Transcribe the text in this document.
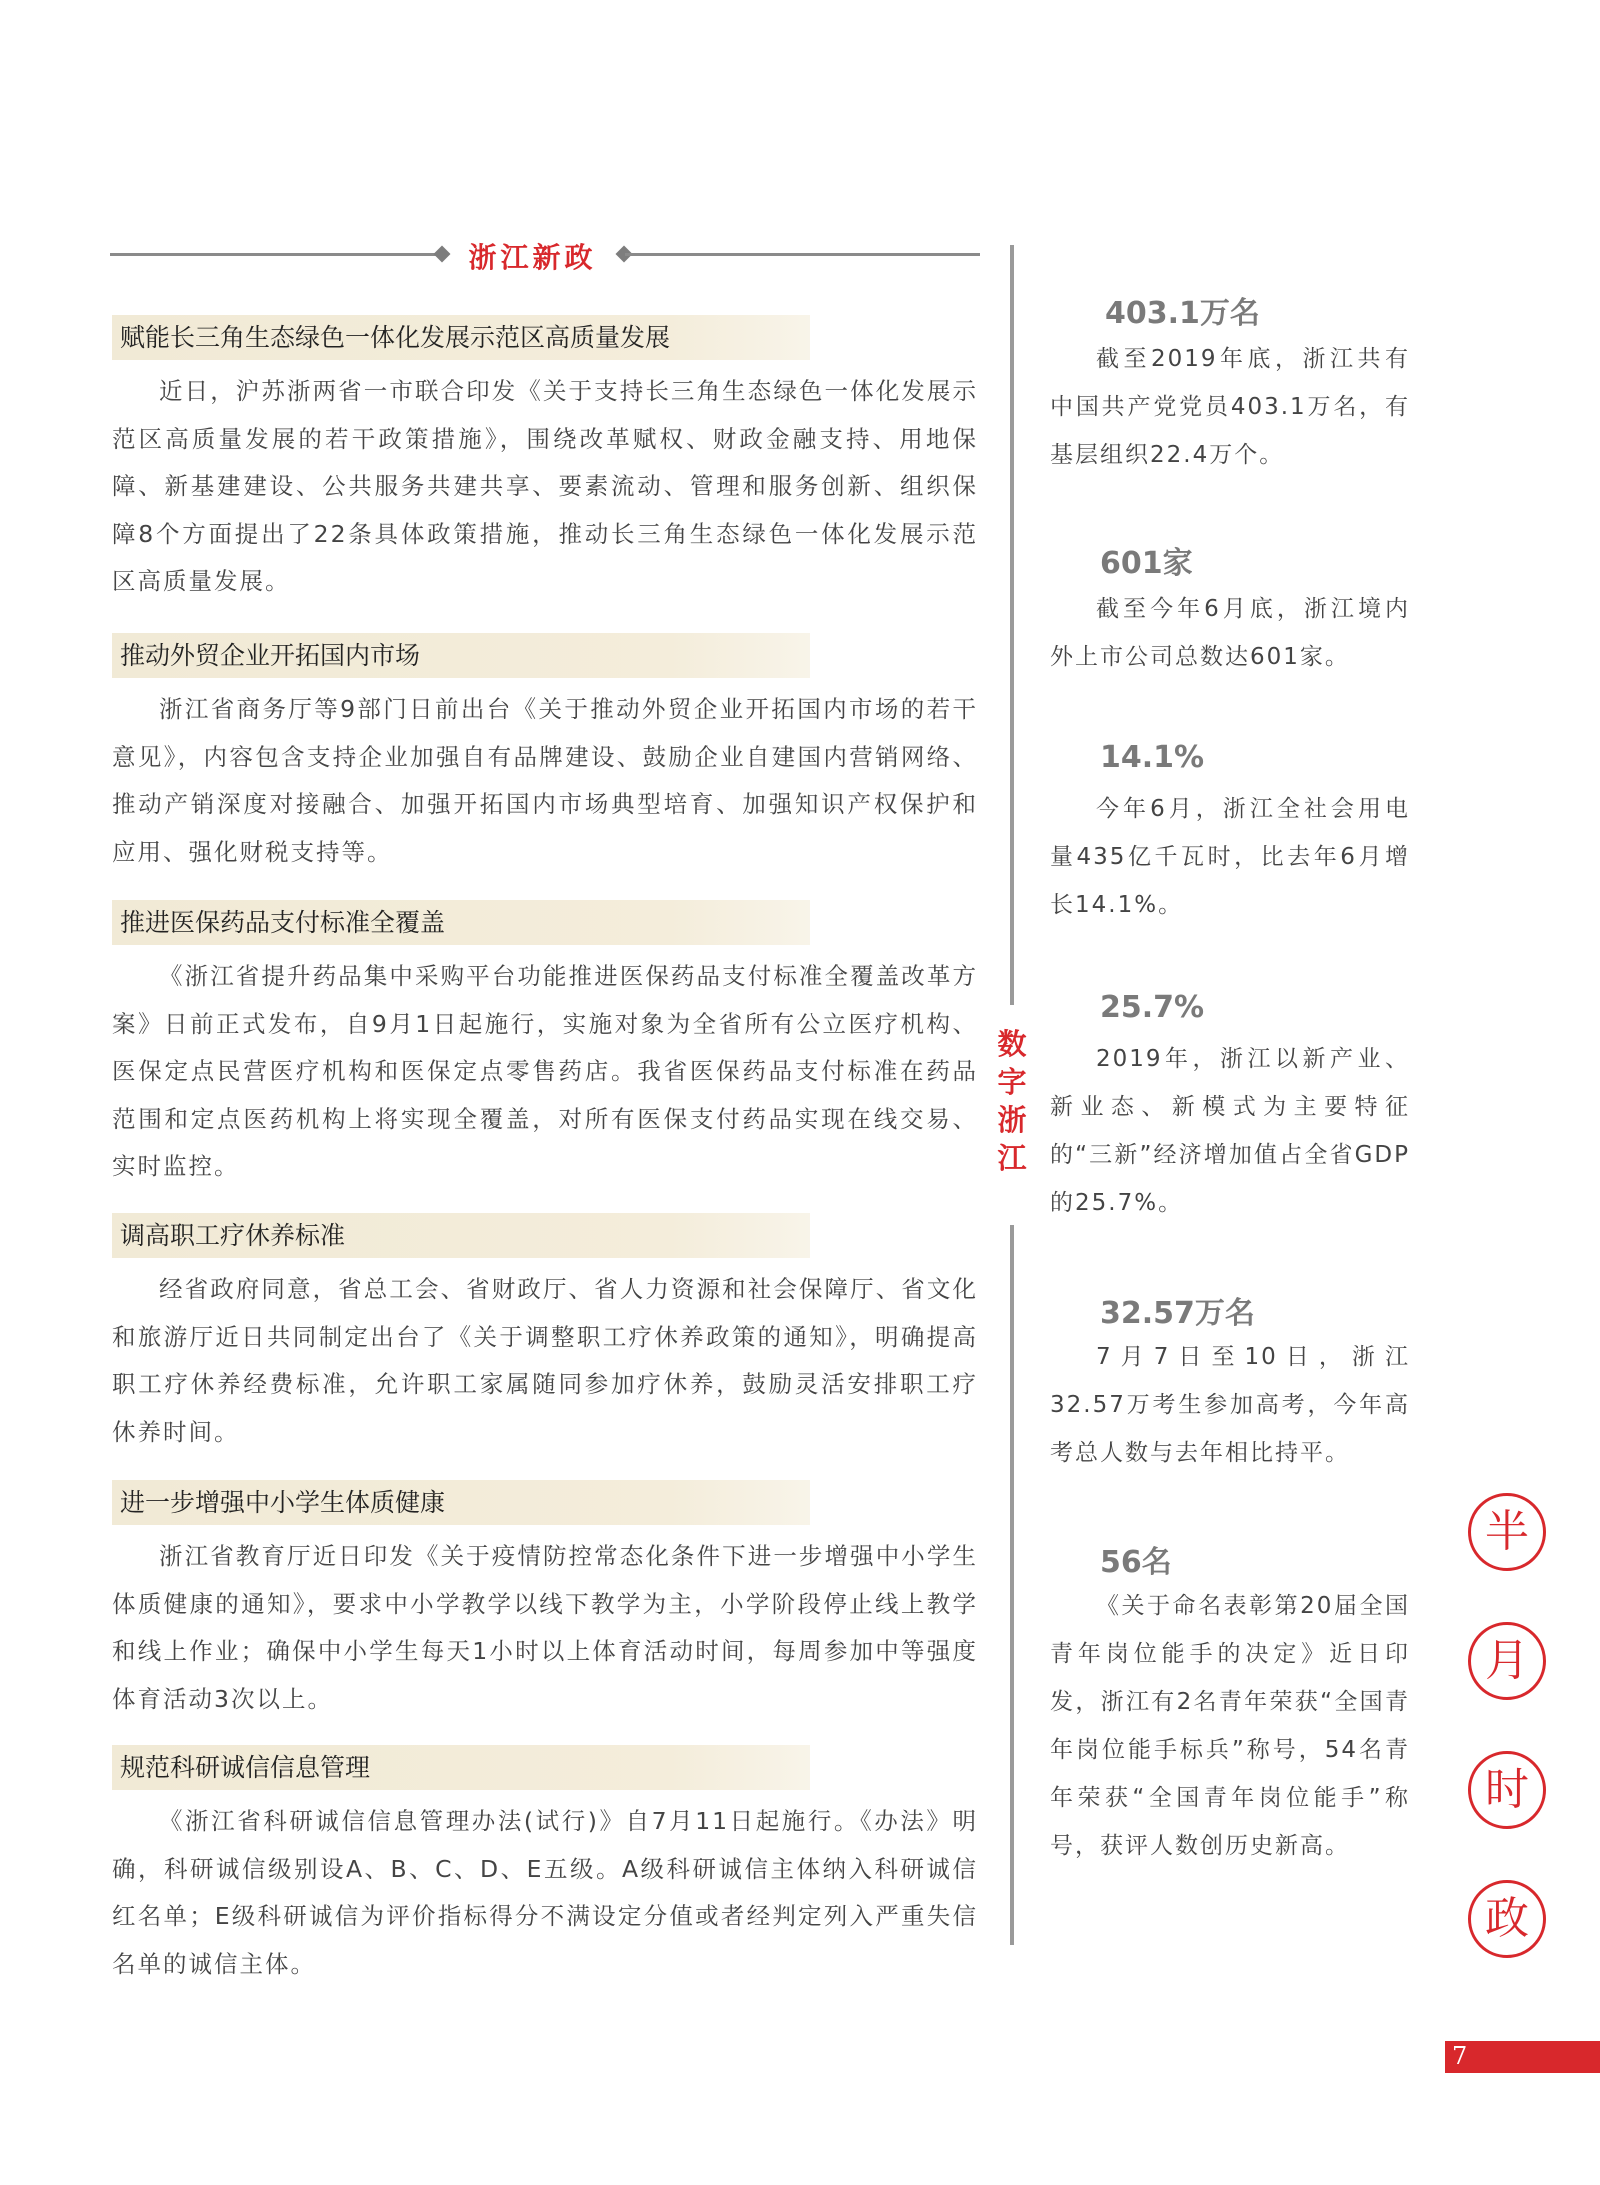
浙江新政
数
字
浙
江
赋能长三角生态绿色一体化发展示范区高质量发展
近日，沪苏浙两省一市联合印发《关于支持长三角生态绿色一体化发展示范区高质量发展的若干政策措施》，围绕改革赋权、财政金融支持、用地保障、新基建建设、公共服务共建共享、要素流动、管理和服务创新、组织保障8个方面提出了22条具体政策措施，推动长三角生态绿色一体化发展示范区高质量发展。
推动外贸企业开拓国内市场
浙江省商务厅等9部门日前出台《关于推动外贸企业开拓国内市场的若干意见》，内容包含支持企业加强自有品牌建设、鼓励企业自建国内营销网络、推动产销深度对接融合、加强开拓国内市场典型培育、加强知识产权保护和应用、强化财税支持等。
推进医保药品支付标准全覆盖
《浙江省提升药品集中采购平台功能推进医保药品支付标准全覆盖改革方案》日前正式发布，自9月1日起施行，实施对象为全省所有公立医疗机构、医保定点民营医疗机构和医保定点零售药店。我省医保药品支付标准在药品范围和定点医药机构上将实现全覆盖，对所有医保支付药品实现在线交易、实时监控。
调高职工疗休养标准
经省政府同意，省总工会、省财政厅、省人力资源和社会保障厅、省文化和旅游厅近日共同制定出台了《关于调整职工疗休养政策的通知》，明确提高职工疗休养经费标准，允许职工家属随同参加疗休养，鼓励灵活安排职工疗休养时间。
进一步增强中小学生体质健康
浙江省教育厅近日印发《关于疫情防控常态化条件下进一步增强中小学生体质健康的通知》，要求中小学教学以线下教学为主，小学阶段停止线上教学和线上作业；确保中小学生每天1小时以上体育活动时间，每周参加中等强度体育活动3次以上。
规范科研诚信信息管理
《浙江省科研诚信信息管理办法(试行)》自7月11日起施行。《办法》明确，科研诚信级别设A、B、C、D、E五级。A级科研诚信主体纳入科研诚信红名单；E级科研诚信为评价指标得分不满设定分值或者经判定列入严重失信名单的诚信主体。
403.1万名
截至2019年底，浙江共有中国共产党党员403.1万名，有基层组织22.4万个。
601家
截至今年6月底，浙江境内外上市公司总数达601家。
14.1%
今年6月，浙江全社会用电量435亿千瓦时，比去年6月增长14.1%。
25.7%
2019年，浙江以新产业、新业态、新模式为主要特征的“三新”经济增加值占全省GDP的25.7%。
32.57万名
7月7日至10日，浙江32.57万考生参加高考，今年高考总人数与去年相比持平。
56名
《关于命名表彰第20届全国青年岗位能手的决定》近日印发，浙江有2名青年荣获“全国青年岗位能手标兵”称号，54名青年荣获“全国青年岗位能手”称号，获评人数创历史新高。
半
月
时
政
7
